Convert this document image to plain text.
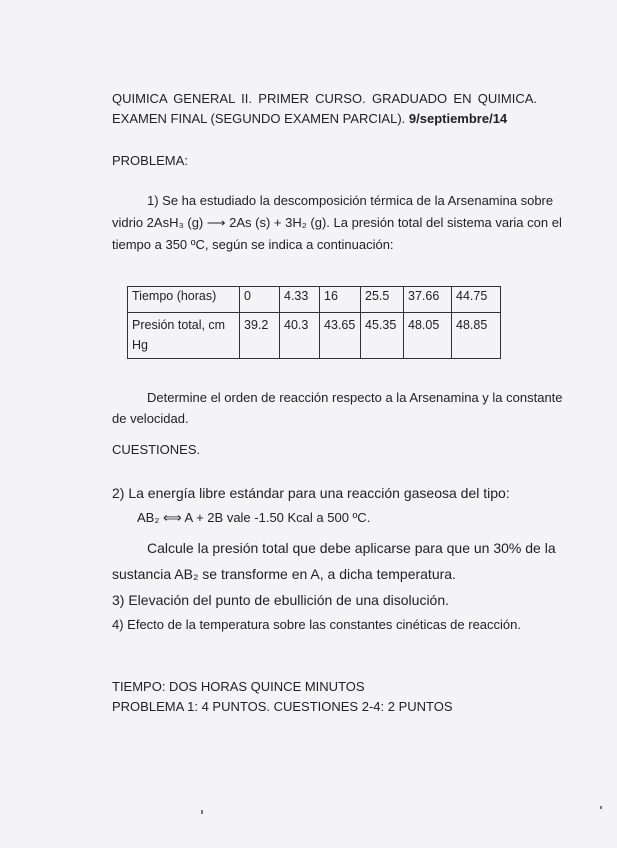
QUIMICA GENERAL II. PRIMER CURSO. GRADUADO EN QUIMICA.
EXAMEN FINAL (SEGUNDO EXAMEN PARCIAL). 9/septiembre/14
PROBLEMA:
1) Se ha estudiado la descomposición térmica de la Arsenamina sobre
vidrio 2AsH₃ (g) ⟶ 2As (s) + 3H₂ (g). La presión total del sistema varia con el
tiempo a 350 ºC, según se indica a continuación:
Tiempo (horas)	0	4.33	16	25.5	37.66	44.75
Presión total, cm
Hg	39.2	40.3	43.65	45.35	48.05	48.85
Determine el orden de reacción respecto a la Arsenamina y la constante
de velocidad.
CUESTIONES.
2) La energía libre estándar para una reacción gaseosa del tipo:
AB₂ ⟺ A + 2B vale -1.50 Kcal a 500 ºC.
Calcule la presión total que debe aplicarse para que un 30% de la
sustancia AB₂ se transforme en A, a dicha temperatura.
3) Elevación del punto de ebullición de una disolución.
4) Efecto de la temperatura sobre las constantes cinéticas de reacción.
TIEMPO: DOS HORAS QUINCE MINUTOS
PROBLEMA 1: 4 PUNTOS. CUESTIONES 2-4: 2 PUNTOS
